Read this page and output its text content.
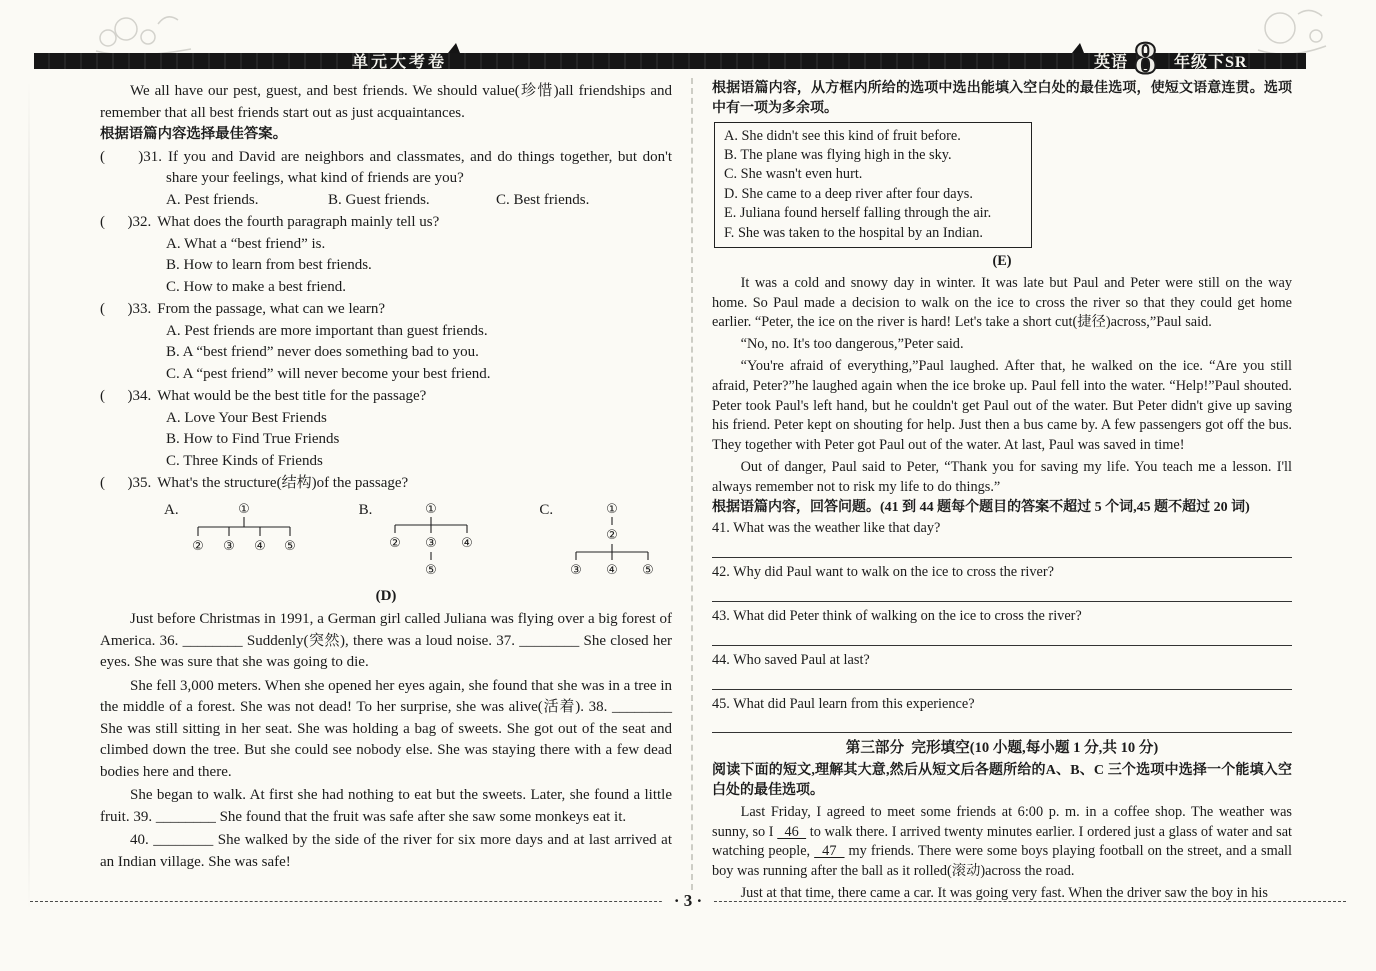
单元大考卷	英语 8 年级下SR
We all have our pest, guest, and best friends. We should value(珍惜)all friendships and remember that all best friends start out as just acquaintances.
根据语篇内容选择最佳答案。
(      )31. If you and David are neighbors and classmates, and do things together, but don't share your feelings, what kind of friends are you?
A. Pest friends.	B. Guest friends.	C. Best friends.
(      )32. What does the fourth paragraph mainly tell us?
A. What a “best friend” is.
B. How to learn from best friends.
C. How to make a best friend.
(      )33. From the passage, what can we learn?
A. Pest friends are more important than guest friends.
B. A “best friend” never does something bad to you.
C. A “pest friend” will never become your best friend.
(      )34. What would be the best title for the passage?
A. Love Your Best Friends
B. How to Find True Friends
C. Three Kinds of Friends
(      )35. What's the structure(结构)of the passage?
A.	①
② ③ ④ ⑤
B.	①
② ③ ④
⑤
C.	①
②
③ ④ ⑤
(D)
Just before Christmas in 1991, a German girl called Juliana was flying over a big forest of America. 36. ________ Suddenly(突然), there was a loud noise. 37. ________ She closed her eyes. She was sure that she was going to die.
She fell 3,000 meters. When she opened her eyes again, she found that she was in a tree in the middle of a forest. She was not dead! To her surprise, she was alive(活着). 38. ________ She was still sitting in her seat. She was holding a bag of sweets. She got out of the seat and climbed down the tree. But she could see nobody else. She was staying there with a few dead bodies here and there.
She began to walk. At first she had nothing to eat but the sweets. Later, she found a little fruit. 39. ________ She found that the fruit was safe after she saw some monkeys eat it.
40. ________ She walked by the side of the river for six more days and at last arrived at an Indian village. She was safe!
根据语篇内容，从方框内所给的选项中选出能填入空白处的最佳选项，使短文语意连贯。选项中有一项为多余项。
A. She didn't see this kind of fruit before.
B. The plane was flying high in the sky.
C. She wasn't even hurt.
D. She came to a deep river after four days.
E. Juliana found herself falling through the air.
F. She was taken to the hospital by an Indian.
(E)
It was a cold and snowy day in winter. It was late but Paul and Peter were still on the way home. So Paul made a decision to walk on the ice to cross the river so that they could get home earlier. “Peter, the ice on the river is hard! Let's take a short cut(捷径)across,”Paul said.
“No, no. It's too dangerous,”Peter said.
“You're afraid of everything,”Paul laughed. After that, he walked on the ice. “Are you still afraid, Peter?”he laughed again when the ice broke up. Paul fell into the water. “Help!”Paul shouted. Peter took Paul's left hand, but he couldn't get Paul out of the water. But Peter didn't give up saving his friend. Peter kept on shouting for help. Just then a bus came by. A few passengers got off the bus. They together with Peter got Paul out of the water. At last, Paul was saved in time!
Out of danger, Paul said to Peter, “Thank you for saving my life. You teach me a lesson. I'll always remember not to risk my life to do things.”
根据语篇内容，回答问题。(41 到 44 题每个题目的答案不超过 5 个词,45 题不超过 20 词)
41. What was the weather like that day?
42. Why did Paul want to walk on the ice to cross the river?
43. What did Peter think of walking on the ice to cross the river?
44. Who saved Paul at last?
45. What did Paul learn from this experience?
第三部分  完形填空(10 小题,每小题 1 分,共 10 分)
阅读下面的短文,理解其大意,然后从短文后各题所给的A、B、C 三个选项中选择一个能填入空白处的最佳选项。
Last Friday, I agreed to meet some friends at 6:00 p. m. in a coffee shop. The weather was sunny, so I   46   to walk there. I arrived twenty minutes earlier. I ordered just a glass of water and sat watching people,   47   my friends. There were some boys playing football on the street, and a small boy was running after the ball as it rolled(滚动)across the road.
Just at that time, there came a car. It was going very fast. When the driver saw the boy in his
· 3 ·
